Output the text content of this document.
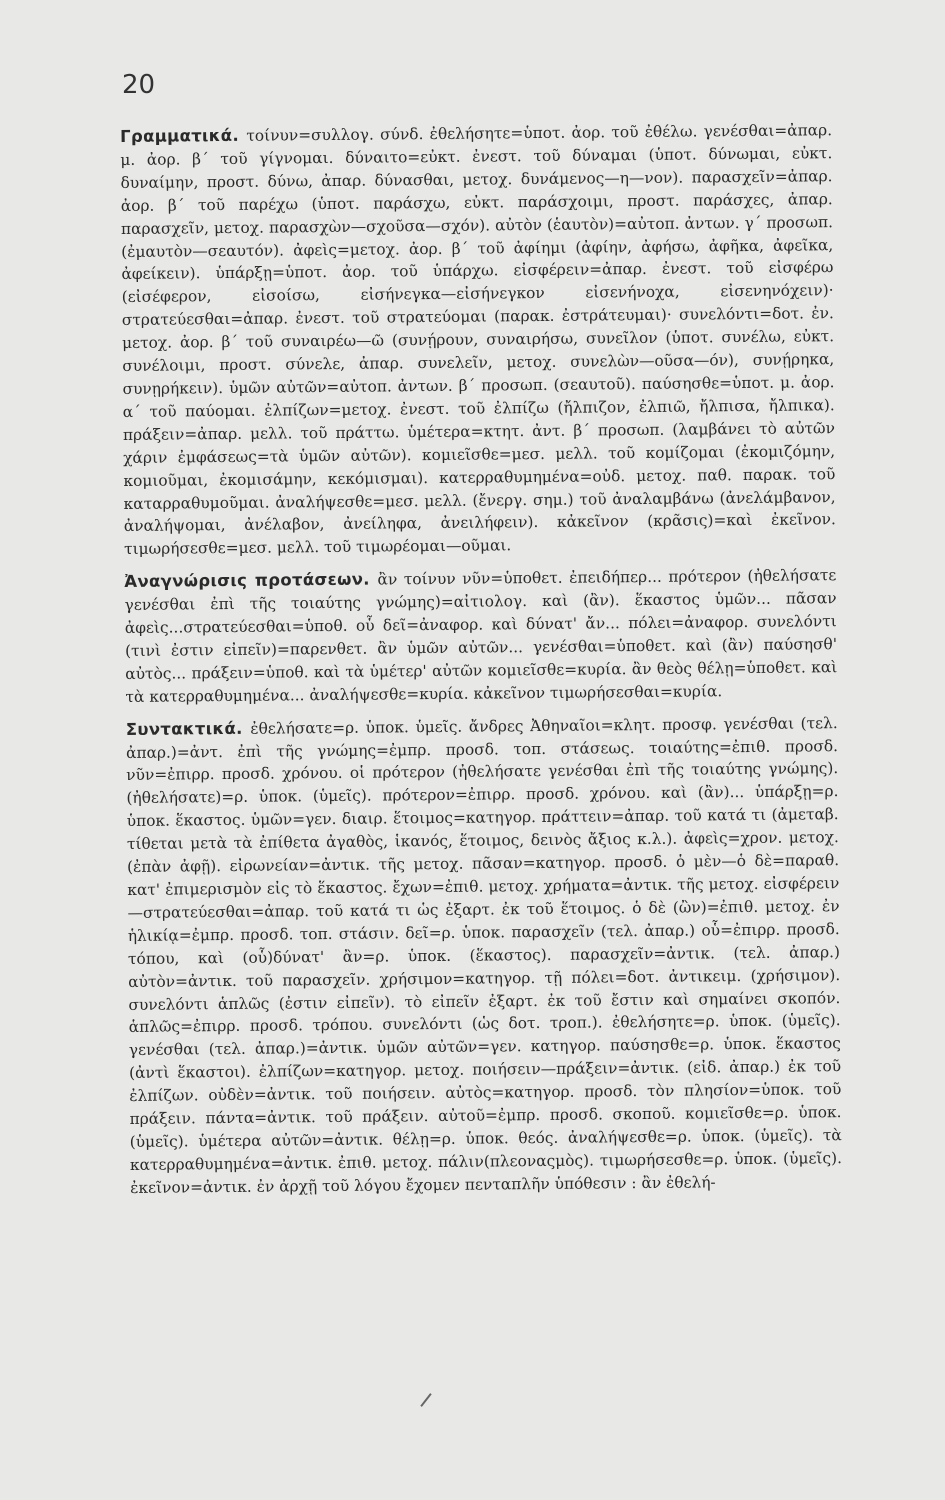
20

Γραμματικά. τοίνυν=συλλογ. σύνδ. ἐθελήσητε=ὑποτ. ἀορ. τοῦ ἐθέλω. γενέσθαι=ἀπαρ. μ. ἀορ. β΄ τοῦ γίγνομαι. δύναιτο=εὐκτ. ἐνεστ. τοῦ δύναμαι (ὑποτ. δύνωμαι, εὐκτ. δυναίμην, προστ. δύνω, ἀπαρ. δύνασθαι, μετοχ. δυνάμενος—η—νον). παρασχεῖν=ἀπαρ. ἀορ. β΄ τοῦ παρέχω (ὑποτ. παράσχω, εὐκτ. παράσχοιμι, προστ. παράσχες, ἀπαρ. παρασχεῖν, μετοχ. παρασχὼν—σχοῦσα—σχόν). αὐτὸν (ἑαυτὸν)=αὐτοπ. ἀντων. γ΄ προσωπ. (ἐμαυτὸν—σεαυτόν). ἀφεὶς=μετοχ. ἀορ. β΄ τοῦ ἀφίημι (ἀφίην, ἀφήσω, ἀφῆκα, ἀφεῖκα, ἀφείκειν). ὑπάρξῃ=ὑποτ. ἀορ. τοῦ ὑπάρχω. εἰσφέρειν=ἀπαρ. ἐνεστ. τοῦ εἰσφέρω (εἰσέφερον, εἰσοίσω, εἰσήνεγκα—εἰσήνεγκον εἰσενήνοχα, εἰσενηνόχειν)· στρατεύεσθαι=ἀπαρ. ἐνεστ. τοῦ στρατεύομαι (παρακ. ἐστράτευμαι)· συνελόντι=δοτ. ἐν. μετοχ. ἀορ. β΄ τοῦ συναιρέω—ῶ (συνῄρουν, συναιρήσω, συνεῖλον (ὑποτ. συνέλω, εὐκτ. συνέλοιμι, προστ. σύνελε, ἀπαρ. συνελεῖν, μετοχ. συνελὼν—οῦσα—όν), συνῄρηκα, συνῃρήκειν). ὑμῶν αὐτῶν=αὐτοπ. ἀντων. β΄ προσωπ. (σεαυτοῦ). παύσησθε=ὑποτ. μ. ἀορ. α΄ τοῦ παύομαι. ἐλπίζων=μετοχ. ἐνεστ. τοῦ ἐλπίζω (ἤλπιζον, ἐλπιῶ, ἤλπισα, ἤλπικα). πράξειν=ἀπαρ. μελλ. τοῦ πράττω. ὑμέτερα=κτητ. ἀντ. β΄ προσωπ. (λαμβάνει τὸ αὐτῶν χάριν ἐμφάσεως=τὰ ὑμῶν αὐτῶν). κομιεῖσθε=μεσ. μελλ. τοῦ κομίζομαι (ἐκομιζόμην, κομιοῦμαι, ἐκομισάμην, κεκόμισμαι). κατερραθυμημένα=οὐδ. μετοχ. παθ. παρακ. τοῦ καταρραθυμοῦμαι. ἀναλήψεσθε=μεσ. μελλ. (ἔνεργ. σημ.) τοῦ ἀναλαμβάνω (ἀνελάμβανον, ἀναλήψομαι, ἀνέλαβον, ἀνείληφα, ἀνειλήφειν). κἀκεῖνον (κρᾶσις)=καὶ ἐκεῖνον. τιμωρήσεσθε=μεσ. μελλ. τοῦ τιμωρέομαι—οῦμαι.

Ἀναγνώρισις προτάσεων. ἂν τοίνυν νῦν=ὑποθετ. ἐπειδήπερ... πρότερον (ἠθελήσατε γενέσθαι ἐπὶ τῆς τοιαύτης γνώμης)=αἰτιολογ. καὶ (ἂν). ἕκαστος ὑμῶν... πᾶσαν ἀφεὶς...στρατεύεσθαι=ὑποθ. οὗ δεῖ=ἀναφορ. καὶ δύνατ' ἄν... πόλει=ἀναφορ. συνελόντι (τινὶ ἐστιν εἰπεῖν)=παρενθετ. ἂν ὑμῶν αὐτῶν... γενέσθαι=ὑποθετ. καὶ (ἂν) παύσησθ' αὐτὸς... πράξειν=ὑποθ. καὶ τὰ ὑμέτερ' αὐτῶν κομιεῖσθε=κυρία. ἂν θεὸς θέλῃ=ὑποθετ. καὶ τὰ κατερραθυμημένα... ἀναλήψεσθε=κυρία. κἀκεῖνον τιμωρήσεσθαι=κυρία.

Συντακτικά. ἐθελήσατε=ρ. ὑποκ. ὑμεῖς. ἄνδρες Ἀθηναῖοι=κλητ. προσφ. γενέσθαι (τελ. ἀπαρ.)=ἀντ. ἐπὶ τῆς γνώμης=ἐμπρ. προσδ. τοπ. στάσεως. τοιαύτης=ἐπιθ. προσδ. νῦν=ἐπιρρ. προσδ. χρόνου. οἱ πρότερον (ἠθελήσατε γενέσθαι ἐπὶ τῆς τοιαύτης γνώμης). (ἠθελήσατε)=ρ. ὑποκ. (ὑμεῖς). πρότερον=ἐπιρρ. προσδ. χρόνου. καὶ (ἂν)... ὑπάρξῃ=ρ. ὑποκ. ἕκαστος. ὑμῶν=γεν. διαιρ. ἕτοιμος=κατηγορ. πράττειν=ἀπαρ. τοῦ κατά τι (ἀμεταβ. τίθεται μετὰ τὰ ἐπίθετα ἀγαθὸς, ἱκανός, ἕτοιμος, δεινὸς ἄξιος κ.λ.). ἀφεὶς=χρον. μετοχ. (ἐπὰν ἀφῇ). εἰρωνείαν=ἀντικ. τῆς μετοχ. πᾶσαν=κατηγορ. προσδ. ὁ μὲν—ὁ δὲ=παραθ. κατ' ἐπιμερισμὸν εἰς τὸ ἕκαστος. ἔχων=ἐπιθ. μετοχ. χρήματα=ἀντικ. τῆς μετοχ. εἰσφέρειν—στρατεύεσθαι=ἀπαρ. τοῦ κατά τι ὡς ἐξαρτ. ἐκ τοῦ ἕτοιμος. ὁ δὲ (ὢν)=ἐπιθ. μετοχ. ἐν ἡλικίᾳ=ἐμπρ. προσδ. τοπ. στάσιν. δεῖ=ρ. ὑποκ. παρασχεῖν (τελ. ἀπαρ.) οὗ=ἐπιρρ. προσδ. τόπου, καὶ (οὗ)δύνατ' ἂν=ρ. ὑποκ. (ἕκαστος). παρασχεῖν=ἀντικ. (τελ. ἀπαρ.) αὐτὸν=ἀντικ. τοῦ παρασχεῖν. χρήσιμον=κατηγορ. τῇ πόλει=δοτ. ἀντικειμ. (χρήσιμον). συνελόντι ἁπλῶς (ἐστιν εἰπεῖν). τὸ εἰπεῖν ἐξαρτ. ἐκ τοῦ ἔστιν καὶ σημαίνει σκοπόν. ἁπλῶς=ἐπιρρ. προσδ. τρόπου. συνελόντι (ὡς δοτ. τροπ.). ἐθελήσητε=ρ. ὑποκ. (ὑμεῖς). γενέσθαι (τελ. ἀπαρ.)=ἀντικ. ὑμῶν αὐτῶν=γεν. κατηγορ. παύσησθε=ρ. ὑποκ. ἕκαστος (ἀντὶ ἕκαστοι). ἐλπίζων=κατηγορ. μετοχ. ποιήσειν—πράξειν=ἀντικ. (εἰδ. ἀπαρ.) ἐκ τοῦ ἐλπίζων. οὐδὲν=ἀντικ. τοῦ ποιήσειν. αὐτὸς=κατηγορ. προσδ. τὸν πλησίον=ὑποκ. τοῦ πράξειν. πάντα=ἀντικ. τοῦ πράξειν. αὐτοῦ=ἐμπρ. προσδ. σκοποῦ. κομιεῖσθε=ρ. ὑποκ. (ὑμεῖς). ὑμέτερα αὐτῶν=ἀντικ. θέλῃ=ρ. ὑποκ. θεός. ἀναλήψεσθε=ρ. ὑποκ. (ὑμεῖς). τὰ κατερραθυμημένα=ἀντικ. ἐπιθ. μετοχ. πάλιν(πλεοναςμὸς). τιμωρήσεσθε=ρ. ὑποκ. (ὑμεῖς). ἐκεῖνον=ἀντικ. ἐν ἀρχῇ τοῦ λόγου ἔχομεν πενταπλῆν ὑπόθεσιν : ἂν ἐθελή-
